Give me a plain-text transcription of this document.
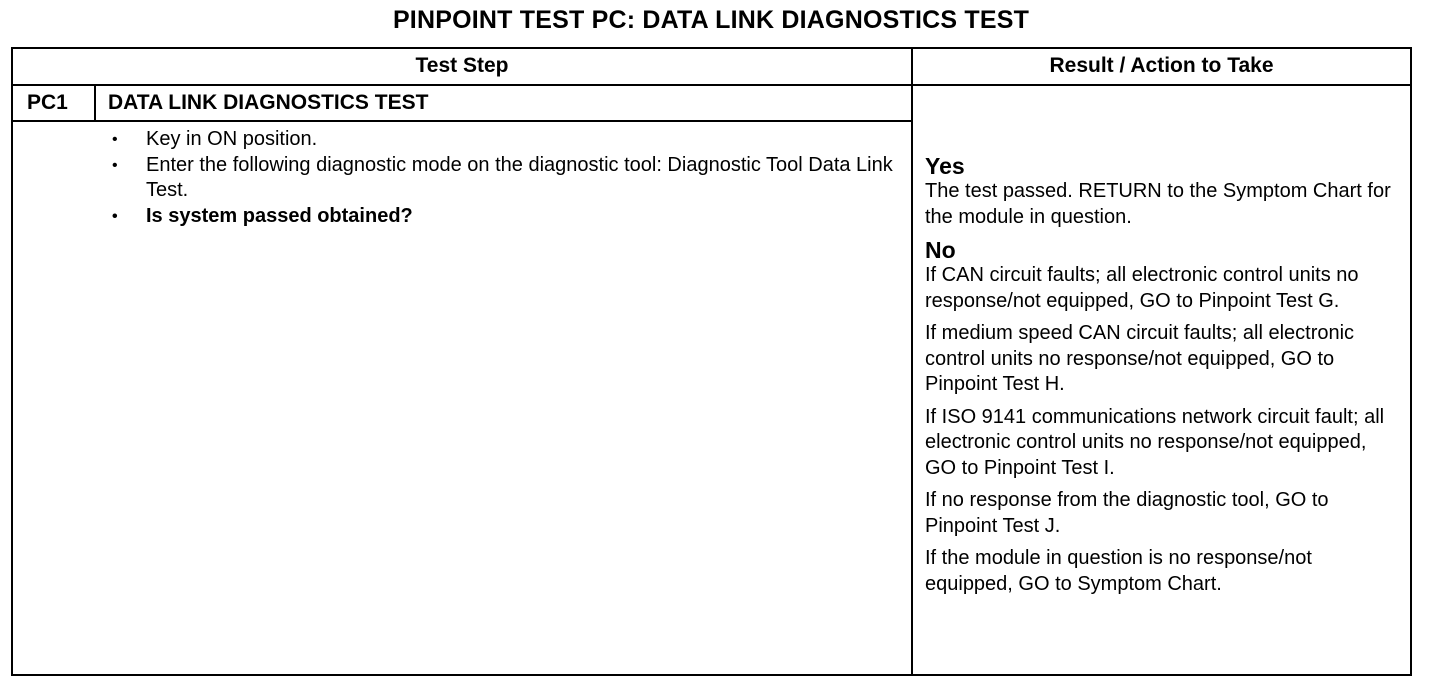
PINPOINT TEST PC: DATA LINK DIAGNOSTICS TEST
Test Step	Result / Action to Take
PC1 DATA LINK DIAGNOSTICS TEST
• Key in ON position.
• Enter the following diagnostic mode on the diagnostic tool: Diagnostic Tool Data Link Test.
• Is system passed obtained?

Yes

The test passed. RETURN to the Symptom Chart for the module in question.

No

If CAN circuit faults; all electronic control units no response/not equipped, GO to Pinpoint Test G.

If medium speed CAN circuit faults; all electronic control units no response/not equipped, GO to Pinpoint Test H.

If ISO 9141 communications network circuit fault; all electronic control units no response/not equipped, GO to Pinpoint Test I.

If no response from the diagnostic tool, GO to Pinpoint Test J.

If the module in question is no response/not equipped, GO to Symptom Chart.
